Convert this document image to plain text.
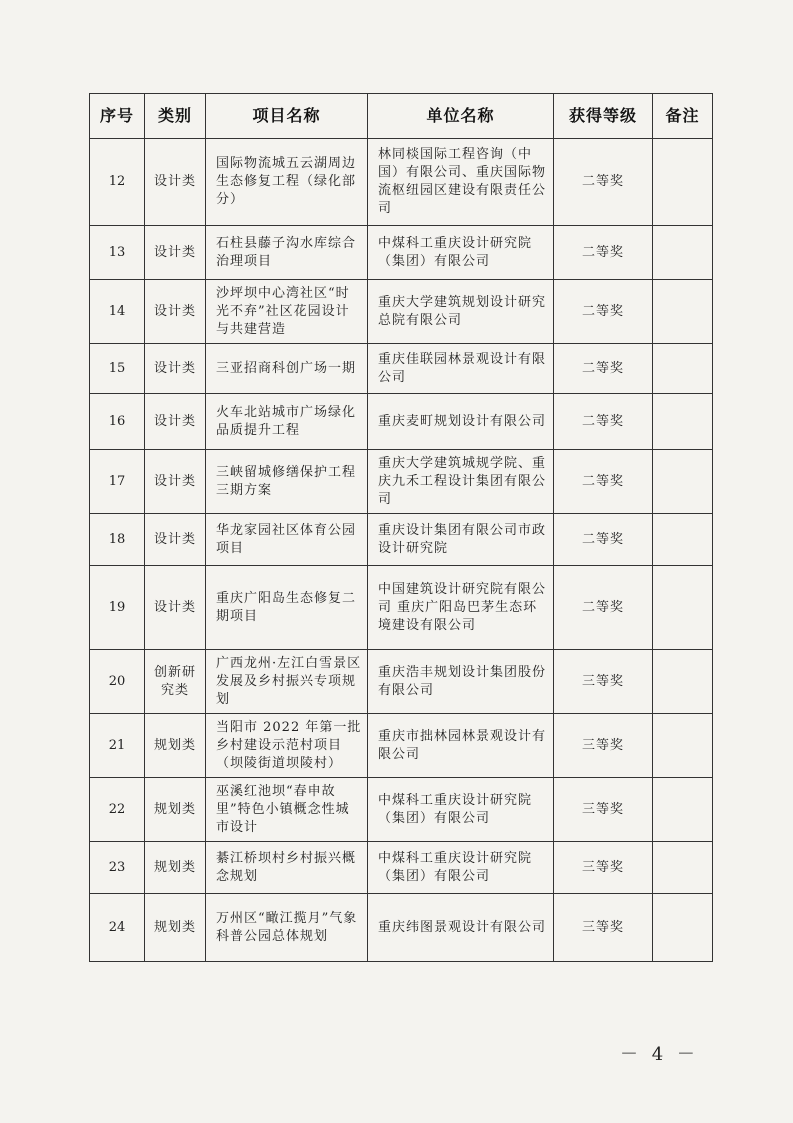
序号	类别	项目名称	单位名称	获得等级	备注
12	设计类	国际物流城五云湖周边生态修复工程（绿化部分）	林同棪国际工程咨询（中国）有限公司、重庆国际物流枢纽园区建设有限责任公司	二等奖	
13	设计类	石柱县藤子沟水库综合治理项目	中煤科工重庆设计研究院（集团）有限公司	二等奖	
14	设计类	沙坪坝中心湾社区“时光不弃”社区花园设计与共建营造	重庆大学建筑规划设计研究总院有限公司	二等奖	
15	设计类	三亚招商科创广场一期	重庆佳联园林景观设计有限公司	二等奖	
16	设计类	火车北站城市广场绿化品质提升工程	重庆麦町规划设计有限公司	二等奖	
17	设计类	三峡留城修缮保护工程三期方案	重庆大学建筑城规学院、重庆九禾工程设计集团有限公司	二等奖	
18	设计类	华龙家园社区体育公园项目	重庆设计集团有限公司市政设计研究院	二等奖	
19	设计类	重庆广阳岛生态修复二期项目	中国建筑设计研究院有限公司 重庆广阳岛巴茅生态环境建设有限公司	二等奖	
20	创新研究类	广西龙州·左江白雪景区发展及乡村振兴专项规划	重庆浩丰规划设计集团股份有限公司	三等奖	
21	规划类	当阳市 2022 年第一批乡村建设示范村项目（坝陵街道坝陵村）	重庆市拙林园林景观设计有限公司	三等奖	
22	规划类	巫溪红池坝“春申故里”特色小镇概念性城市设计	中煤科工重庆设计研究院（集团）有限公司	三等奖	
23	规划类	綦江桥坝村乡村振兴概念规划	中煤科工重庆设计研究院（集团）有限公司	三等奖	
24	规划类	万州区“瞰江揽月”气象科普公园总体规划	重庆纬图景观设计有限公司	三等奖	
－ 4 －
